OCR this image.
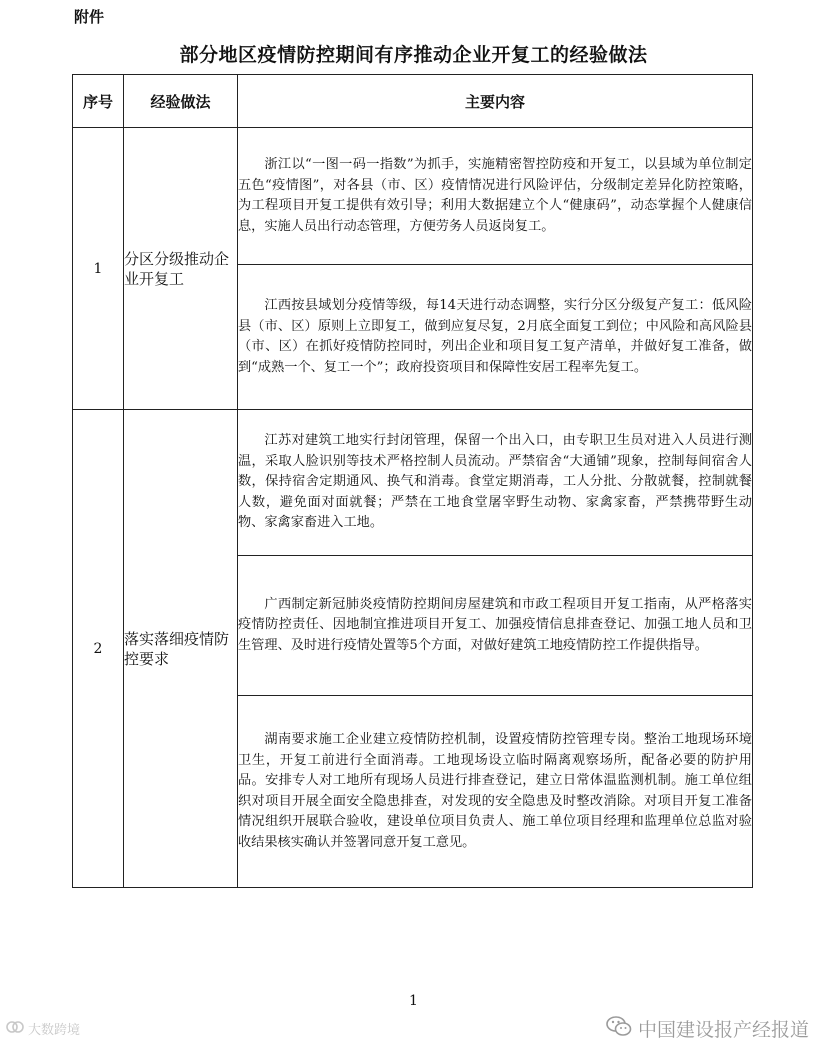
附件
部分地区疫情防控期间有序推动企业开复工的经验做法
序号	经验做法	主要内容
1	分区分级推动企业开复工	浙江以“一图一码一指数”为抓手，实施精密智控防疫和开复工，以县域为单位制定五色“疫情图”，对各县（市、区）疫情情况进行风险评估，分级制定差异化防控策略，为工程项目开复工提供有效引导；利用大数据建立个人“健康码”，动态掌握个人健康信息，实施人员出行动态管理，方便劳务人员返岗复工。

		江西按县域划分疫情等级，每14天进行动态调整，实行分区分级复产复工：低风险县（市、区）原则上立即复工，做到应复尽复，2月底全面复工到位；中风险和高风险县（市、区）在抓好疫情防控同时，列出企业和项目复工复产清单，并做好复工准备，做到“成熟一个、复工一个”；政府投资项目和保障性安居工程率先复工。

2	落实落细疫情防控要求	江苏对建筑工地实行封闭管理，保留一个出入口，由专职卫生员对进入人员进行测温，采取人脸识别等技术严格控制人员流动。严禁宿舍“大通铺”现象，控制每间宿舍人数，保持宿舍定期通风、换气和消毒。食堂定期消毒，工人分批、分散就餐，控制就餐人数，避免面对面就餐；严禁在工地食堂屠宰野生动物、家禽家畜，严禁携带野生动物、家禽家畜进入工地。

		广西制定新冠肺炎疫情防控期间房屋建筑和市政工程项目开复工指南，从严格落实疫情防控责任、因地制宜推进项目开复工、加强疫情信息排查登记、加强工地人员和卫生管理、及时进行疫情处置等5个方面，对做好建筑工地疫情防控工作提供指导。

		湖南要求施工企业建立疫情防控机制，设置疫情防控管理专岗。整治工地现场环境卫生，开复工前进行全面消毒。工地现场设立临时隔离观察场所，配备必要的防护用品。安排专人对工地所有现场人员进行排查登记，建立日常体温监测机制。施工单位组织对项目开展全面安全隐患排查，对发现的安全隐患及时整改消除。对项目开复工准备情况组织开展联合验收，建设单位项目负责人、施工单位项目经理和监理单位总监对验收结果核实确认并签署同意开复工意见。

1
大数跨境	中国建设报产经报道
